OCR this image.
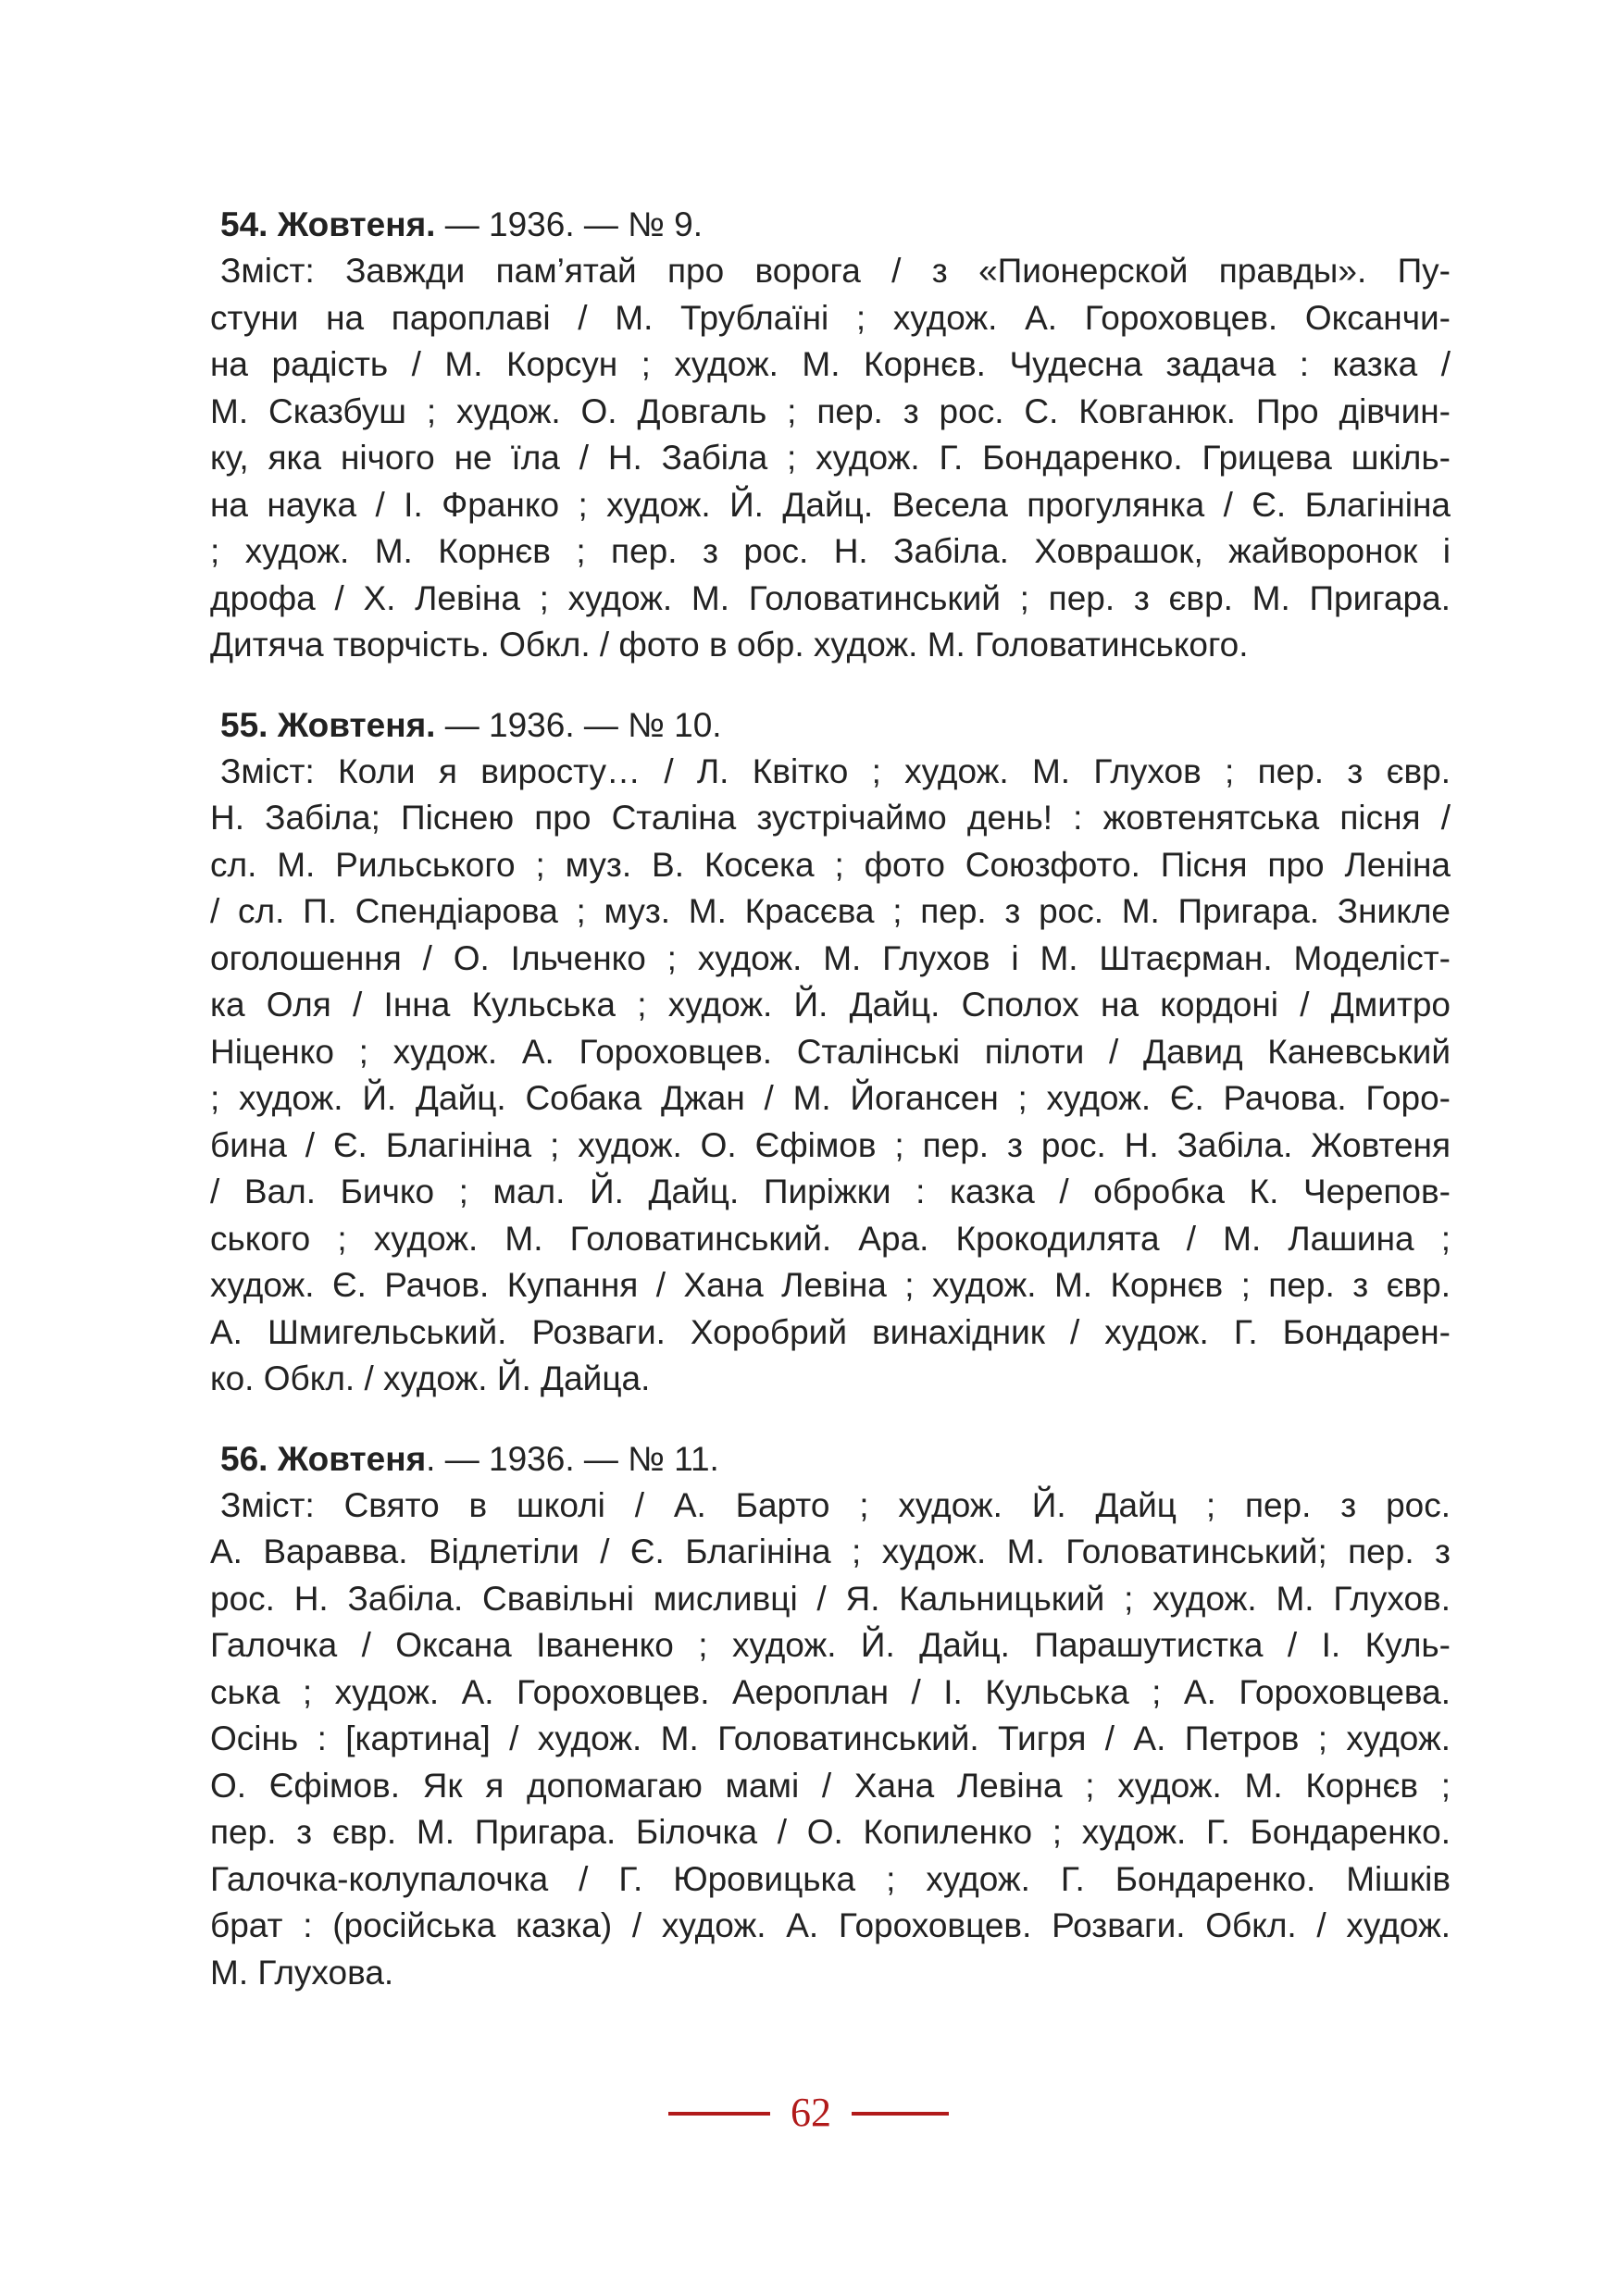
54. Жовтеня. — 1936. — № 9.

Зміст: Завжди пам’ятай про ворога / з «Пионерской правды». Пу-
стуни на пароплаві / М. Трублаїні ; худож. А. Гороховцев. Оксанчи-
на радість / М. Корсун ; худож. М. Корнєв. Чудесна задача : казка /
М. Сказбуш ; худож. О. Довгаль ; пер. з рос. С. Ковганюк. Про дівчин-
ку, яка нічого не їла / Н. Забіла ; худож. Г. Бондаренко. Грицева шкіль-
на наука / І. Франко ; худож. Й. Дайц. Весела прогулянка / Є. Благініна
; худож. М. Корнєв ; пер. з рос. Н. Забіла. Ховрашок, жайворонок і
дрофа / Х. Левіна ; худож. М. Головатинський ; пер. з євр. М. Пригара.
Дитяча творчість. Обкл. / фото в обр. худож. М. Головатинського.

55. Жовтеня. — 1936. — № 10.

Зміст: Коли я виросту… / Л. Квітко ; худож. М. Глухов ; пер. з євр.
Н. Забіла; Піснею про Сталіна зустрічаймо день! : жовтенятська пісня /
сл. М. Рильського ; муз. В. Косека ; фото Союзфото. Пісня про Леніна
/ сл. П. Спендіарова ; муз. М. Красєва ; пер. з рос. М. Пригара. Зникле
оголошення / О. Ільченко ; худож. М. Глухов і М. Штаєрман. Моделіст-
ка Оля / Інна Кульська ; худож. Й. Дайц. Сполох на кордоні / Дмитро
Ніценко ; худож. А. Гороховцев. Сталінські пілоти / Давид Каневський
; худож. Й. Дайц. Собака Джан / М. Йогансен ; худож. Є. Рачова. Горо-
бина / Є. Благініна ; худож. О. Єфімов ; пер. з рос. Н. Забіла. Жовтеня
/ Вал. Бичко ; мал. Й. Дайц. Пиріжки : казка / обробка К. Черепов-
ського ; худож. М. Головатинський. Ара. Крокодилята / М. Лашина ;
худож. Є. Рачов. Купання / Хана Левіна ; худож. М. Корнєв ; пер. з євр.
А. Шмигельський. Розваги. Хоробрий винахідник / худож. Г. Бондарен-
ко. Обкл. / худож. Й. Дайца.

56. Жовтеня. — 1936. — № 11.

Зміст: Свято в школі / А. Барто ; худож. Й. Дайц ; пер. з рос.
А. Варавва. Відлетіли / Є. Благініна ; худож. М. Головатинський; пер. з
рос. Н. Забіла. Свавільні мисливці / Я. Кальницький ; худож. М. Глухов.
Галочка / Оксана Іваненко ; худож. Й. Дайц. Парашутистка / І. Куль-
ська ; худож. А. Гороховцев. Аероплан / І. Кульська ; А. Гороховцева.
Осінь : [картина] / худож. М. Головатинський. Тигря / А. Петров ; худож.
О. Єфімов. Як я допомагаю мамі / Хана Левіна ; худож. М. Корнєв ;
пер. з євр. М. Пригара. Білочка / О. Копиленко ; худож. Г. Бондаренко.
Галочка-колупалочка / Г. Юровицька ; худож. Г. Бондаренко. Мішків
брат : (російська казка) / худож. А. Гороховцев. Розваги. Обкл. / худож.
М. Глухова.
62
